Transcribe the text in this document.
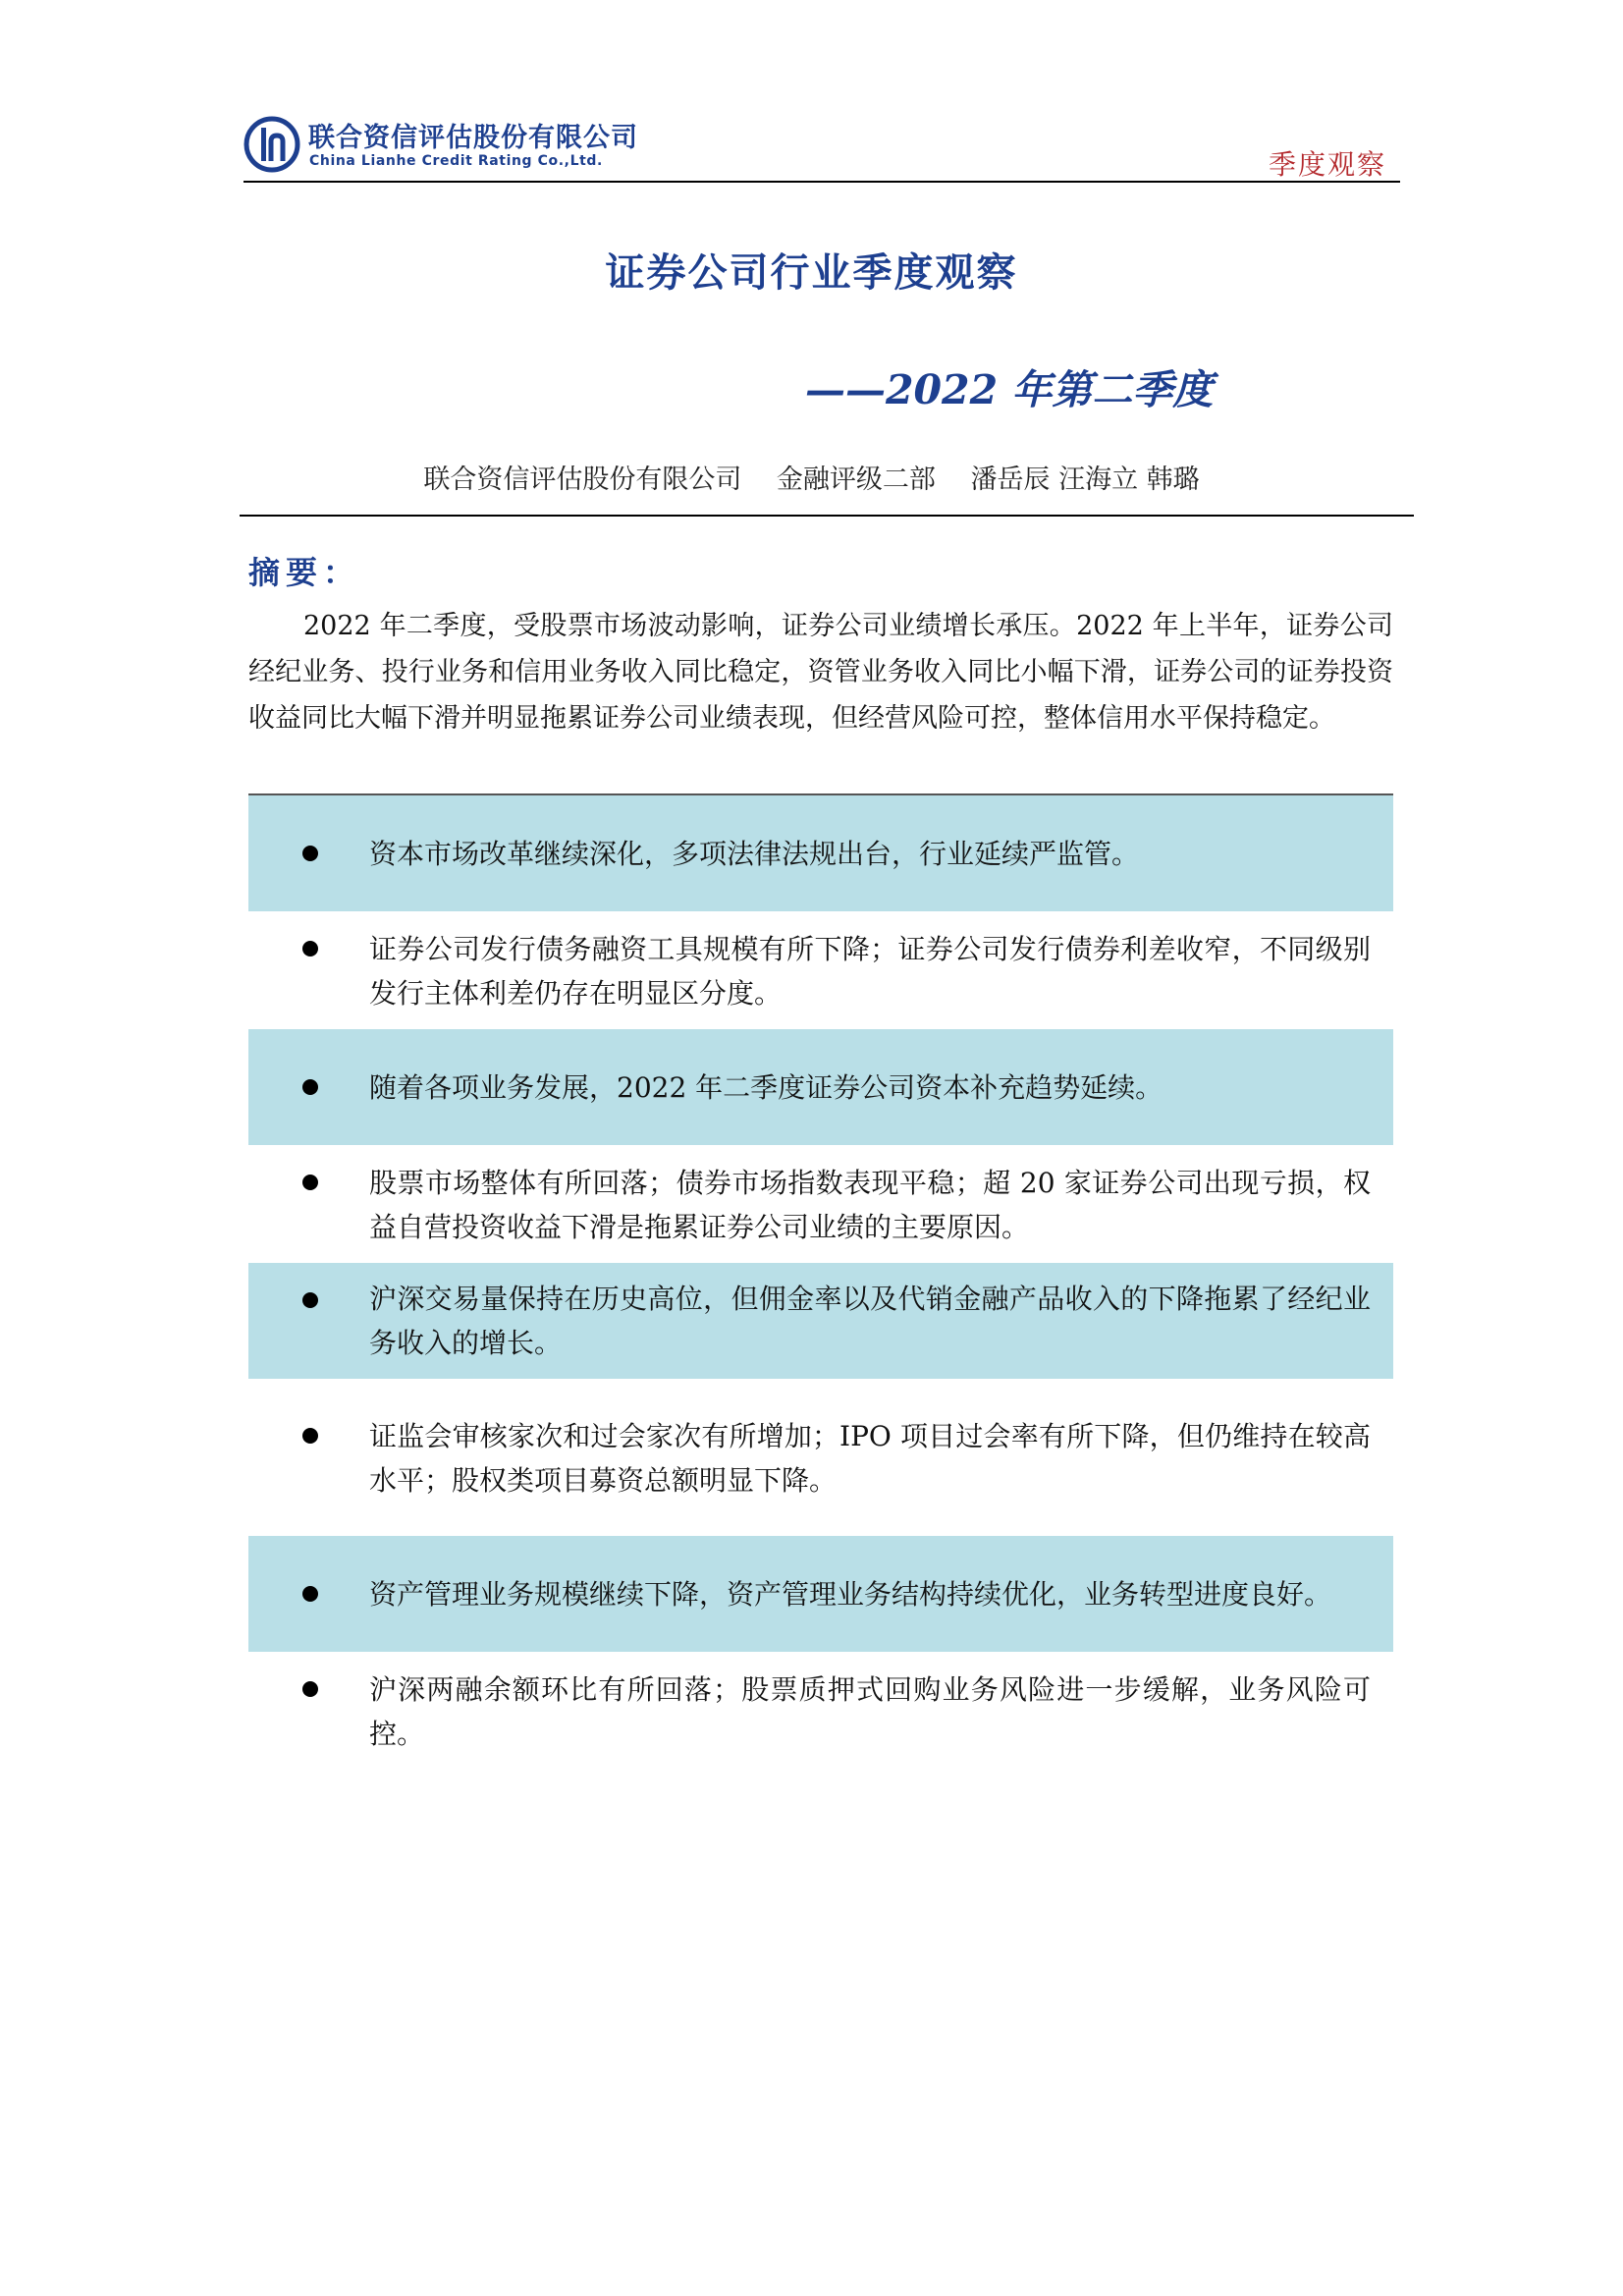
联合资信评估股份有限公司
China Lianhe Credit Rating Co.,Ltd.	季度观察
证券公司行业季度观察
——2022 年第二季度
联合资信评估股份有限公司　 金融评级二部　 潘岳辰 汪海立 韩璐
摘要：
2022 年二季度，受股票市场波动影响，证券公司业绩增长承压。2022 年上半年，证券公司经纪业务、投行业务和信用业务收入同比稳定，资管业务收入同比小幅下滑，证券公司的证券投资收益同比大幅下滑并明显拖累证券公司业绩表现，但经营风险可控，整体信用水平保持稳定。
资本市场改革继续深化，多项法律法规出台，行业延续严监管。
证券公司发行债务融资工具规模有所下降；证券公司发行债券利差收窄，不同级别发行主体利差仍存在明显区分度。
随着各项业务发展，2022 年二季度证券公司资本补充趋势延续。
股票市场整体有所回落；债券市场指数表现平稳；超 20 家证券公司出现亏损，权益自营投资收益下滑是拖累证券公司业绩的主要原因。
沪深交易量保持在历史高位，但佣金率以及代销金融产品收入的下降拖累了经纪业务收入的增长。
证监会审核家次和过会家次有所增加；IPO 项目过会率有所下降，但仍维持在较高水平；股权类项目募资总额明显下降。
资产管理业务规模继续下降，资产管理业务结构持续优化，业务转型进度良好。
沪深两融余额环比有所回落；股票质押式回购业务风险进一步缓解，业务风险可控。
